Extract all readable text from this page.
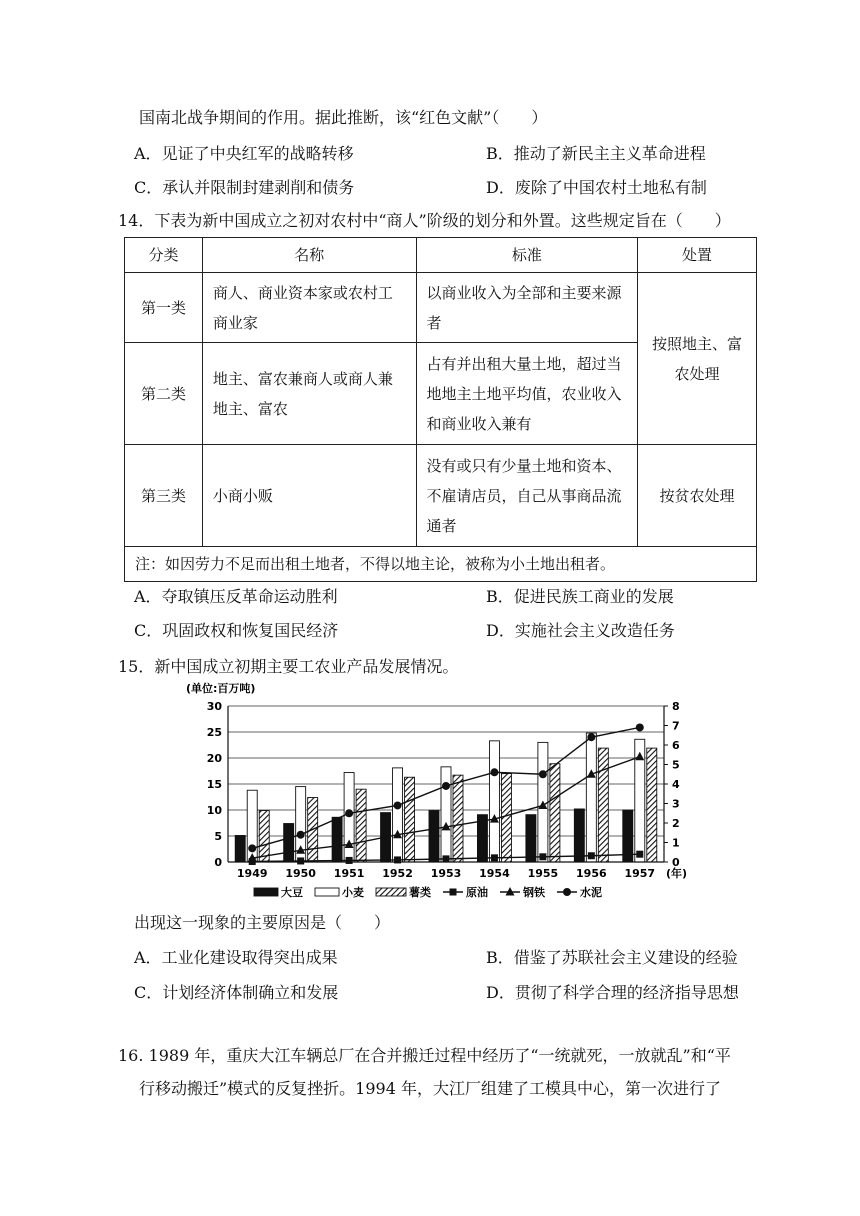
国南北战争期间的作用。据此推断，该“红色文献”（　　）
A．见证了中央红军的战略转移	B．推动了新民主主义革命进程
C．承认并限制封建剥削和债务	D．废除了中国农村土地私有制
14．下表为新中国成立之初对农村中“商人”阶级的划分和外置。这些规定旨在（　　）
分类	名称	标准	处置
第一类	商人、商业资本家或农村工商业家	以商业收入为全部和主要来源者	按照地主、富农处理
第二类	地主、富农兼商人或商人兼地主、富农	占有并出租大量土地，超过当地地主土地平均值，农业收入和商业收入兼有	
第三类	小商小贩	没有或只有少量土地和资本、不雇请店员，自己从事商品流通者	按贫农处理
注：如因劳力不足而出租土地者，不得以地主论，被称为小土地出租者。			
A．夺取镇压反革命运动胜利	B．促进民族工商业的发展
C．巩固政权和恢复国民经济	D．实施社会主义改造任务
15．新中国成立初期主要工农业产品发展情况。
(单位:百万吨)
0
5
10
15
20
25
30
0
1
2
3
4
5
6
7
8
1949 1950 1951 1952 1953 1954 1955 1956 1957 (年)
大豆	小麦	薯类	原油	钢铁	水泥
出现这一现象的主要原因是（　　）
A．工业化建设取得突出成果	B．借鉴了苏联社会主义建设的经验
C．计划经济体制确立和发展	D．贯彻了科学合理的经济指导思想
16. 1989 年，重庆大江车辆总厂在合并搬迁过程中经历了“一统就死，一放就乱”和“平
行移动搬迁”模式的反复挫折。1994 年，大江厂组建了工模具中心，第一次进行了
